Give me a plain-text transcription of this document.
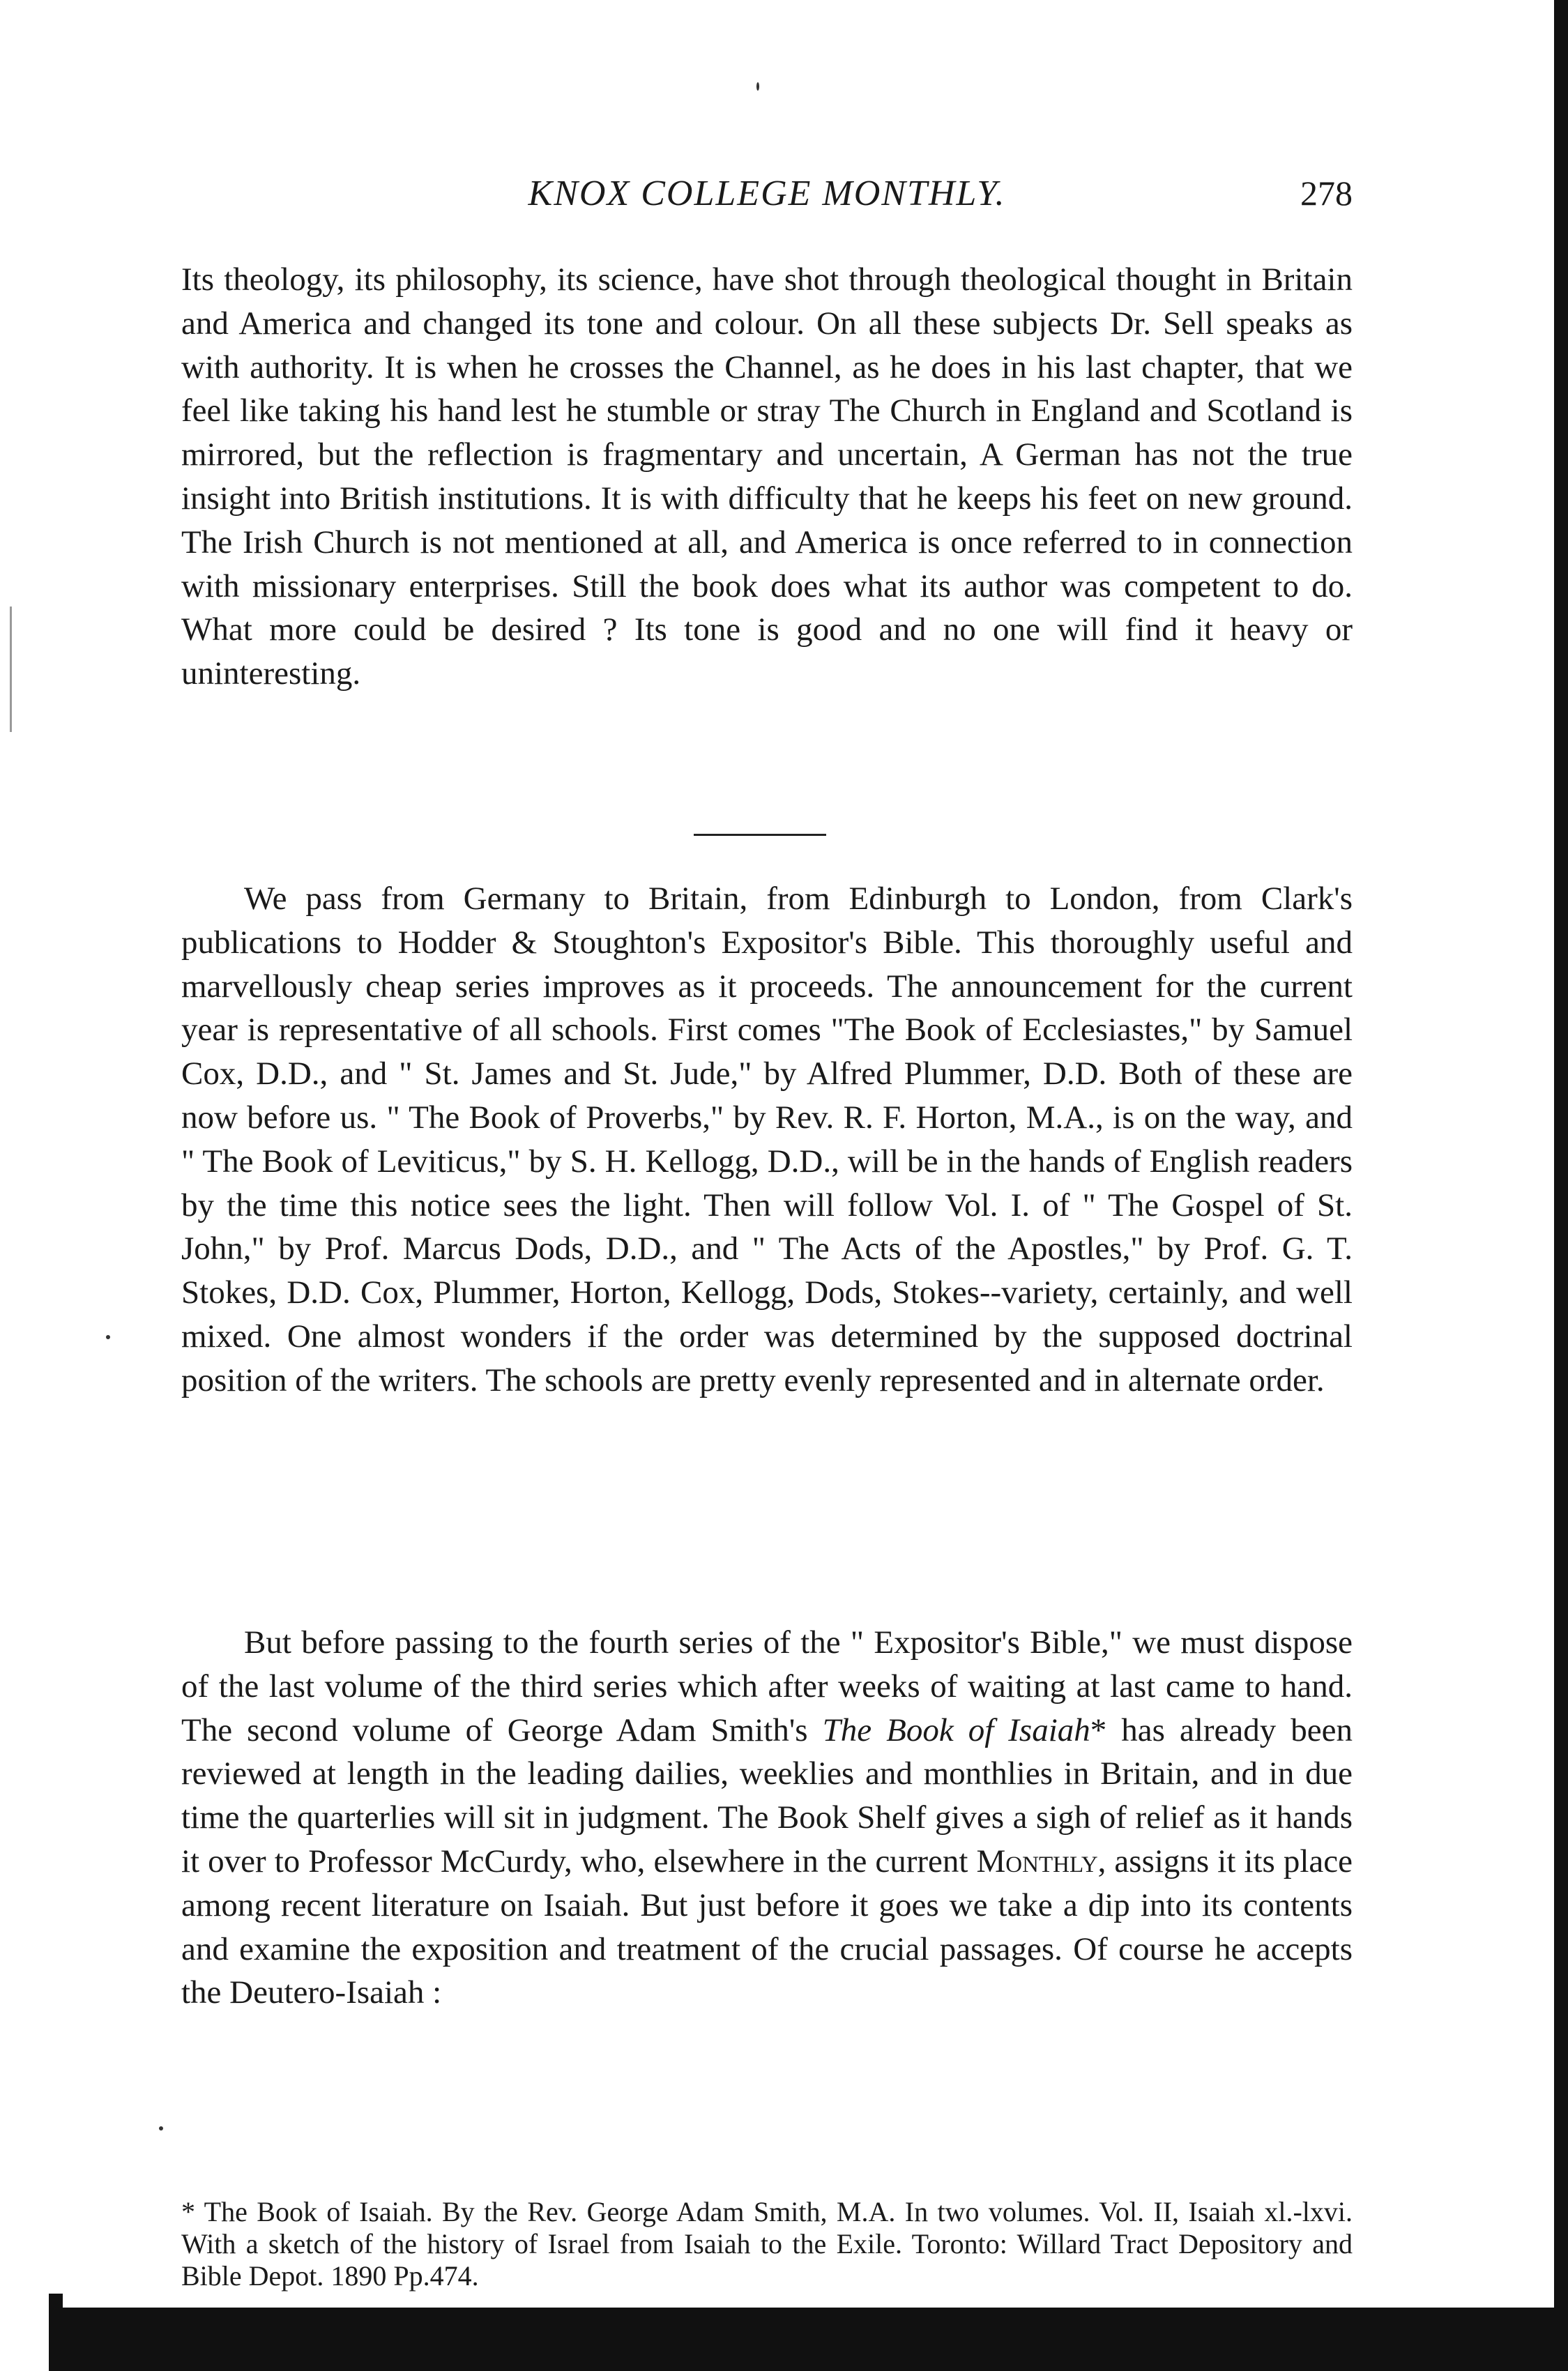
KNOX COLLEGE MONTHLY.	278

Its theology, its philosophy, its science, have shot through theological thought in Britain and America and changed its tone and colour. On all these subjects Dr. Sell speaks as with authority. It is when he crosses the Channel, as he does in his last chapter, that we feel like taking his hand lest he stumble or stray The Church in England and Scotland is mirrored, but the reflection is fragmentary and uncertain, A German has not the true insight into British institutions. It is with difficulty that he keeps his feet on new ground. The Irish Church is not mentioned at all, and America is once referred to in connection with missionary enterprises. Still the book does what its author was competent to do. What more could be desired ? Its tone is good and no one will find it heavy or uninteresting.

We pass from Germany to Britain, from Edinburgh to London, from Clark's publications to Hodder & Stoughton's Expositor's Bible. This thoroughly useful and marvellously cheap series improves as it proceeds. The announcement for the current year is representative of all schools. First comes "The Book of Ecclesiastes," by Samuel Cox, D.D., and " St. James and St. Jude," by Alfred Plummer, D.D. Both of these are now before us. " The Book of Proverbs," by Rev. R. F. Horton, M.A., is on the way, and " The Book of Leviticus," by S. H. Kellogg, D.D., will be in the hands of English readers by the time this notice sees the light. Then will follow Vol. I. of " The Gospel of St. John," by Prof. Marcus Dods, D.D., and " The Acts of the Apostles," by Prof. G. T. Stokes, D.D. Cox, Plummer, Horton, Kellogg, Dods, Stokes--variety, certainly, and well mixed. One almost wonders if the order was determined by the supposed doctrinal position of the writers. The schools are pretty evenly represented and in alternate order.

But before passing to the fourth series of the " Expositor's Bible," we must dispose of the last volume of the third series which after weeks of waiting at last came to hand. The second volume of George Adam Smith's The Book of Isaiah* has already been reviewed at length in the leading dailies, weeklies and monthlies in Britain, and in due time the quarterlies will sit in judgment. The Book Shelf gives a sigh of relief as it hands it over to Professor McCurdy, who, elsewhere in the current Monthly, assigns it its place among recent literature on Isaiah. But just before it goes we take a dip into its contents and examine the exposition and treatment of the crucial passages. Of course he accepts the Deutero-Isaiah :

* The Book of Isaiah. By the Rev. George Adam Smith, M.A. In two volumes. Vol. II, Isaiah xl.-lxvi. With a sketch of the history of Israel from Isaiah to the Exile. Toronto: Willard Tract Depository and Bible Depot. 1890 Pp.474.
